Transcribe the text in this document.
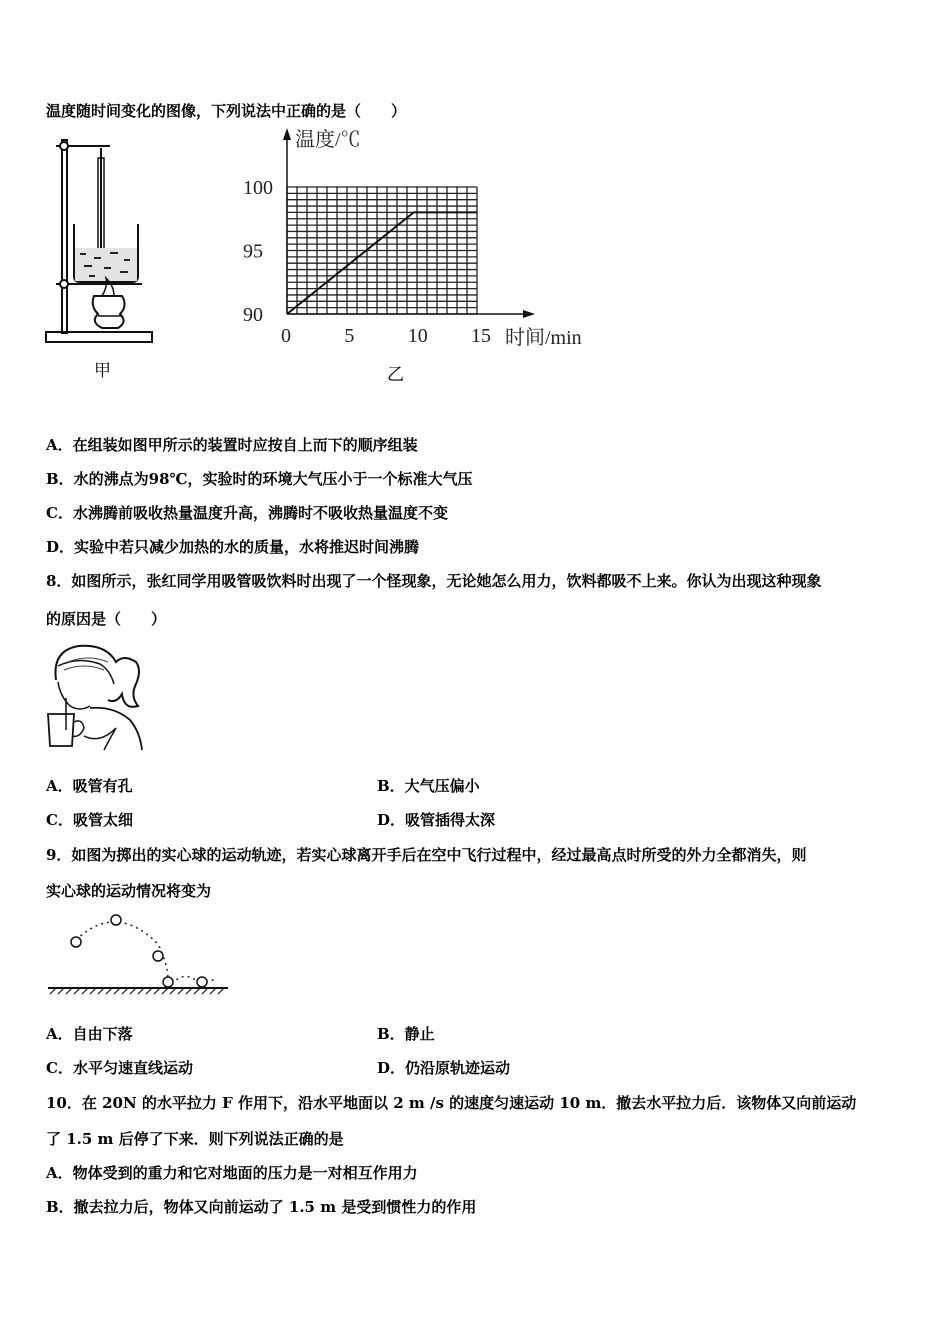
温度随时间变化的图像，下列说法中正确的是（　　）
甲
0	5	10 15
90
95
100
温度/℃
时间/min
乙
A．在组装如图甲所示的装置时应按自上而下的顺序组装
B．水的沸点为98℃，实验时的环境大气压小于一个标准大气压
C．水沸腾前吸收热量温度升高，沸腾时不吸收热量温度不变
D．实验中若只减少加热的水的质量，水将推迟时间沸腾
8．如图所示，张红同学用吸管吸饮料时出现了一个怪现象，无论她怎么用力，饮料都吸不上来。你认为出现这种现象
的原因是（　　）
A．吸管有孔	B．大气压偏小
C．吸管太细	D．吸管插得太深
9．如图为掷出的实心球的运动轨迹，若实心球离开手后在空中飞行过程中，经过最高点时所受的外力全都消失，则
实心球的运动情况将变为
A．自由下落	B．静止
C．水平匀速直线运动	D．仍沿原轨迹运动
10．在 20N 的水平拉力 F 作用下，沿水平地面以 2 m /s 的速度匀速运动 10 m．撤去水平拉力后．该物体又向前运动
了 1.5 m 后停了下来．则下列说法正确的是
A．物体受到的重力和它对地面的压力是一对相互作用力
B．撤去拉力后，物体又向前运动了 1.5 m 是受到惯性力的作用
